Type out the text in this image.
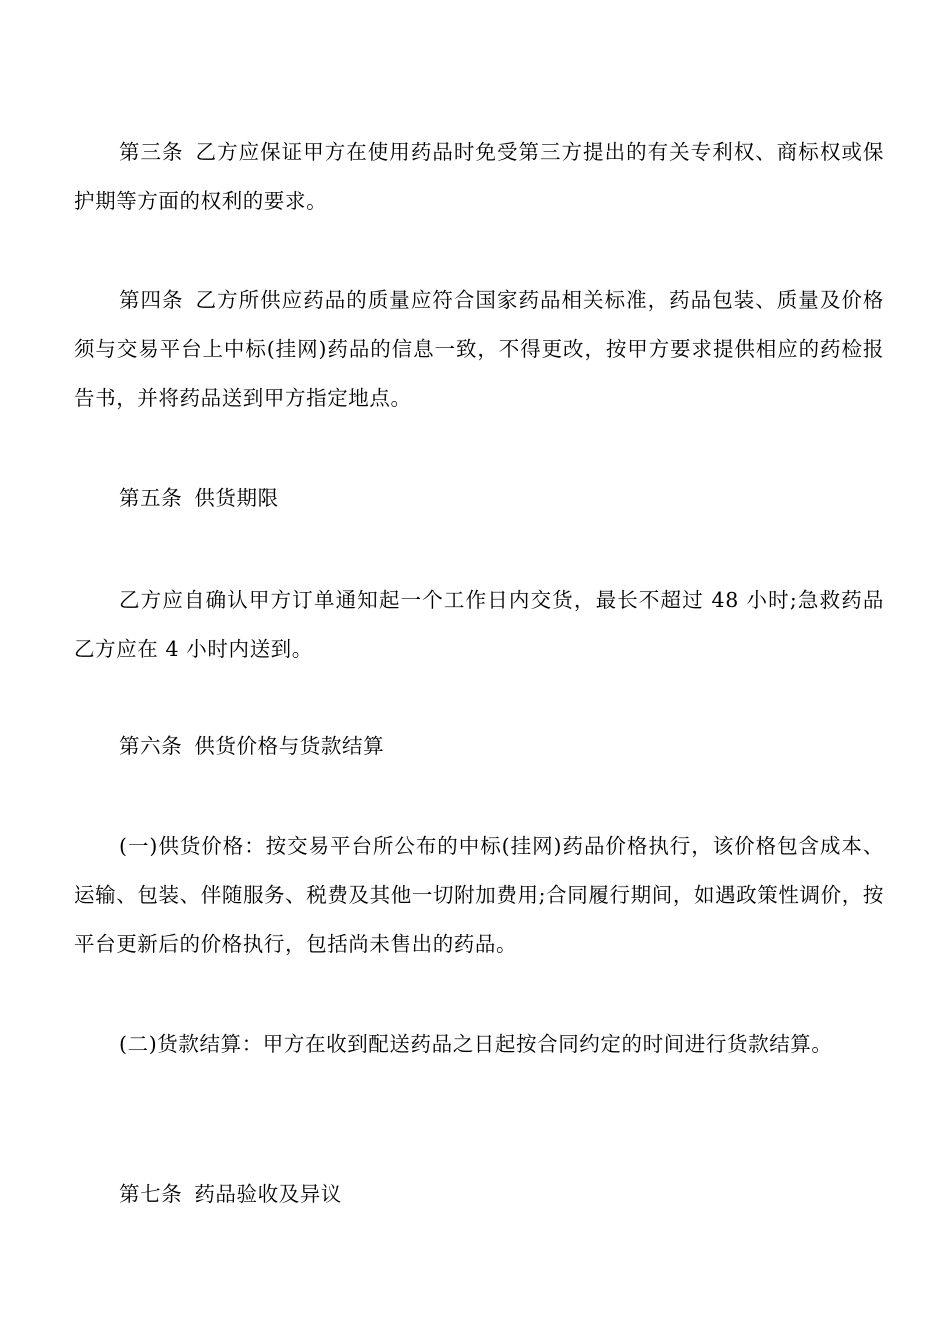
第三条 乙方应保证甲方在使用药品时免受第三方提出的有关专利权、商标权或保护期等方面的权利的要求。

第四条 乙方所供应药品的质量应符合国家药品相关标准，药品包装、质量及价格须与交易平台上中标(挂网)药品的信息一致，不得更改，按甲方要求提供相应的药检报告书，并将药品送到甲方指定地点。

第五条 供货期限

乙方应自确认甲方订单通知起一个工作日内交货，最长不超过 48 小时;急救药品乙方应在 4 小时内送到。

第六条 供货价格与货款结算

(一)供货价格：按交易平台所公布的中标(挂网)药品价格执行，该价格包含成本、运输、包装、伴随服务、税费及其他一切附加费用;合同履行期间，如遇政策性调价，按平台更新后的价格执行，包括尚未售出的药品。

(二)货款结算：甲方在收到配送药品之日起按合同约定的时间进行货款结算。

第七条 药品验收及异议
